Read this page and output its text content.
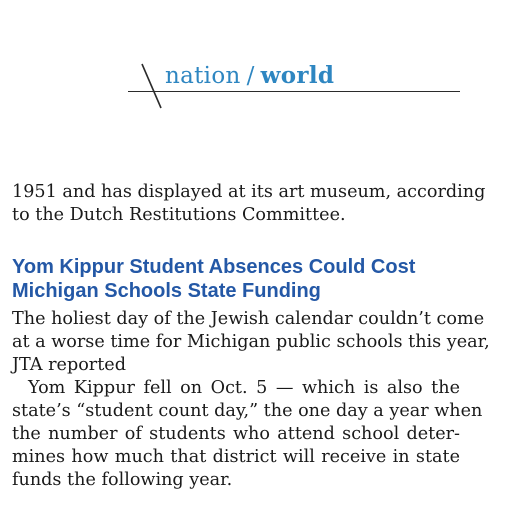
nation / world
1951 and has displayed at its art museum, according
to the Dutch Restitutions Committee.
Yom Kippur Student Absences Could Cost
Michigan Schools State Funding
The holiest day of the Jewish calendar couldn’t come
at a worse time for Michigan public schools this year,
JTA reported
Yom Kippur fell on Oct. 5 — which is also the
state’s “student count day,” the one day a year when
the number of students who attend school deter-
mines how much that district will receive in state
funds the following year.
